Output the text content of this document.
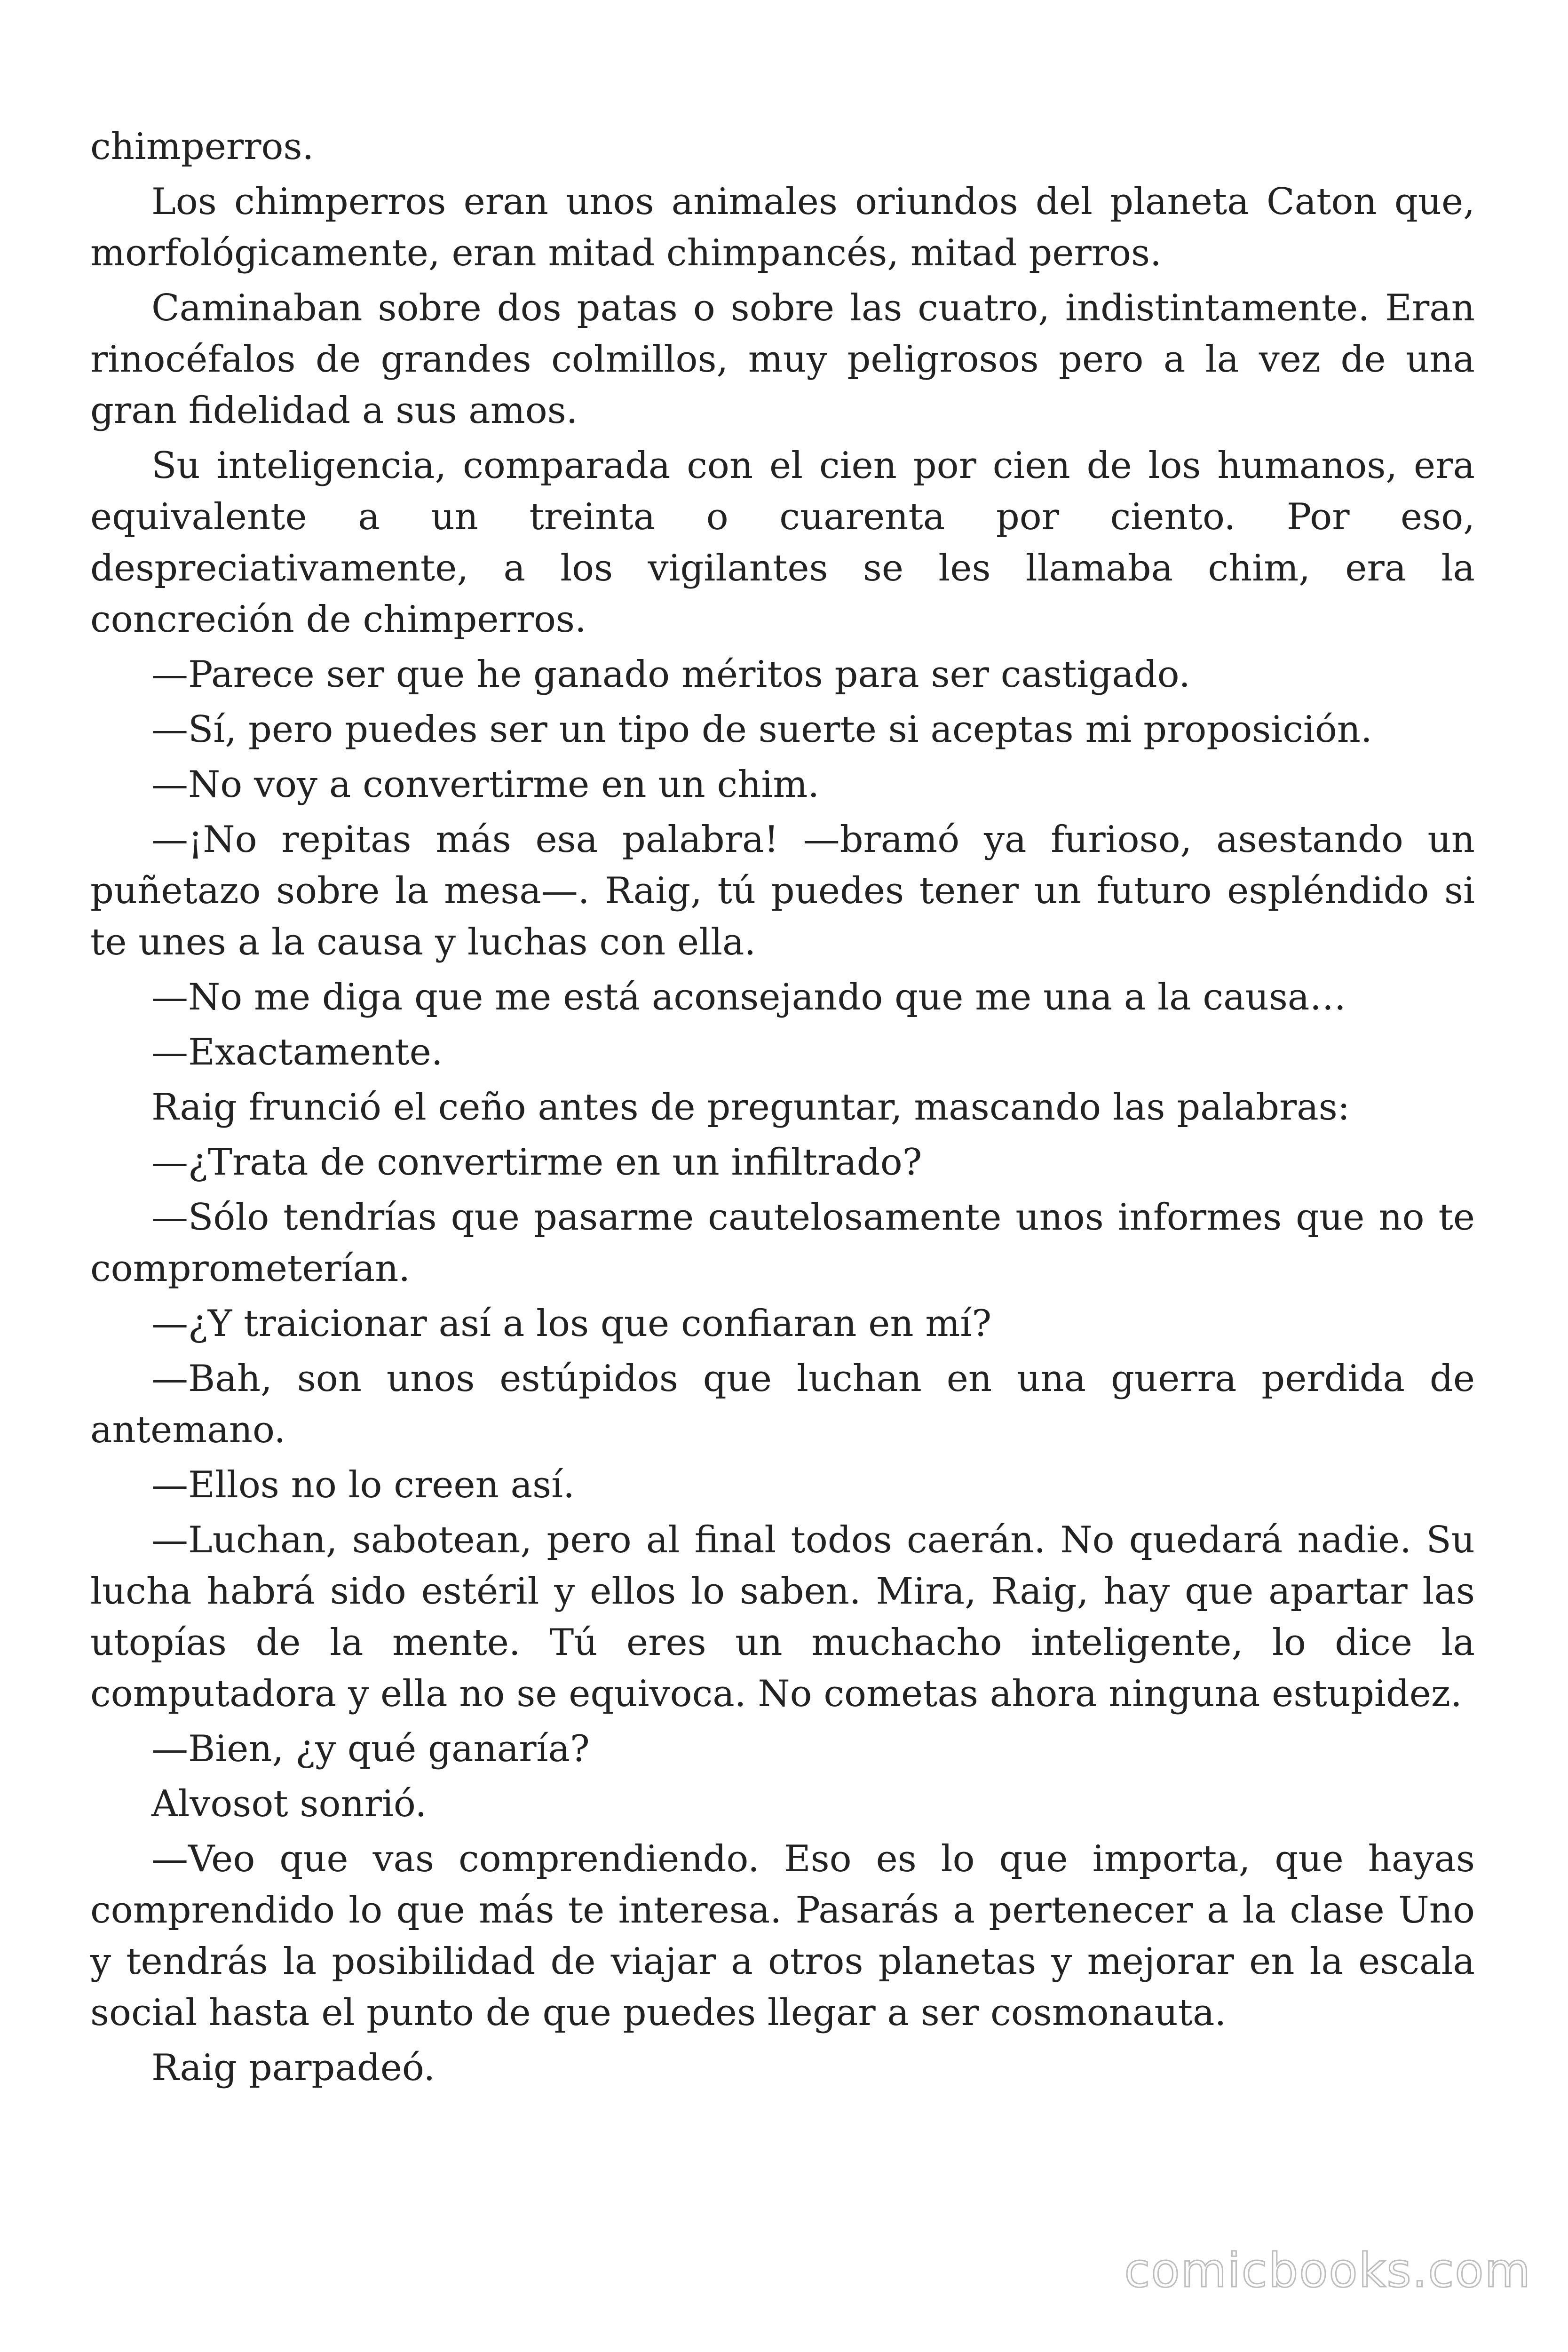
chimperros.

Los chimperros eran unos animales oriundos del planeta Caton que, morfológicamente, eran mitad chimpancés, mitad perros.

Caminaban sobre dos patas o sobre las cuatro, indistintamente. Eran rinocéfalos de grandes colmillos, muy peligrosos pero a la vez de una gran fidelidad a sus amos.

Su inteligencia, comparada con el cien por cien de los humanos, era equivalente a un treinta o cuarenta por ciento. Por eso, despreciativamente, a los vigilantes se les llamaba chim, era la concreción de chimperros.

—Parece ser que he ganado méritos para ser castigado.

—Sí, pero puedes ser un tipo de suerte si aceptas mi proposición.

—No voy a convertirme en un chim.

—¡No repitas más esa palabra! —bramó ya furioso, asestando un puñetazo sobre la mesa—. Raig, tú puedes tener un futuro espléndido si te unes a la causa y luchas con ella.

—No me diga que me está aconsejando que me una a la causa…

—Exactamente.

Raig frunció el ceño antes de preguntar, mascando las palabras:

—¿Trata de convertirme en un infiltrado?

—Sólo tendrías que pasarme cautelosamente unos informes que no te comprometerían.

—¿Y traicionar así a los que confiaran en mí?

—Bah, son unos estúpidos que luchan en una guerra perdida de antemano.

—Ellos no lo creen así.

—Luchan, sabotean, pero al final todos caerán. No quedará nadie. Su lucha habrá sido estéril y ellos lo saben. Mira, Raig, hay que apartar las utopías de la mente. Tú eres un muchacho inteligente, lo dice la computadora y ella no se equivoca. No cometas ahora ninguna estupidez.

—Bien, ¿y qué ganaría?

Alvosot sonrió.

—Veo que vas comprendiendo. Eso es lo que importa, que hayas comprendido lo que más te interesa. Pasarás a pertenecer a la clase Uno y tendrás la posibilidad de viajar a otros planetas y mejorar en la escala social hasta el punto de que puedes llegar a ser cosmonauta.

Raig parpadeó.

comicbooks.com
